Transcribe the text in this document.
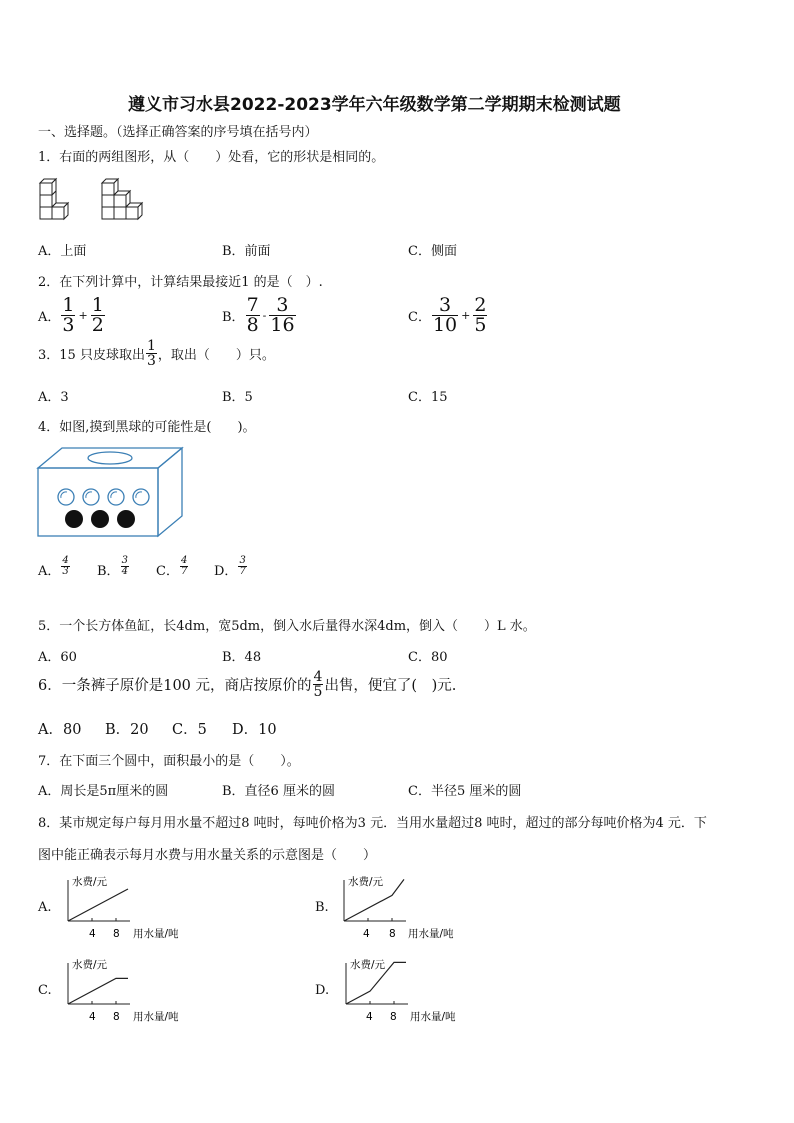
遵义市习水县2022-2023学年六年级数学第二学期期末检测试题
一、选择题。（选择正确答案的序号填在括号内）
1．右面的两组图形，从（　　）处看，它的形状是相同的。
A．上面	B．前面	C．侧面
2．在下列计算中，计算结果最接近1 的是（　）.
A． $\frac{1}{3} + \frac{1}{2}$	B． $\frac{7}{8} - \frac{3}{16}$	C． $\frac{3}{10} + \frac{2}{5}$
3．15 只皮球取出 $\frac{1}{3}$ ，取出（　　）只。
A．3	B．5	C．15
4．如图,摸到黑球的可能性是(　　)。
A． $\frac{4}{3}$ B． $\frac{3}{4}$ C． $\frac{4}{7}$ D． $\frac{3}{7}$
5．一个长方体鱼缸，长4dm，宽5dm，倒入水后量得水深4dm，倒入（　　）L 水。
A．60	B．48	C．80
6．一条裤子原价是100 元，商店按原价的 $\frac{4}{5}$ 出售，便宜了(　)元.
A．80 B．20 C．5 D．10
7．在下面三个圆中，面积最小的是（　　）。
A．周长是5π厘米的圆	B．直径6 厘米的圆	C．半径5 厘米的圆
8．某市规定每户每月用水量不超过8 吨时，每吨价格为3 元．当用水量超过8 吨时，超过的部分每吨价格为4 元．下
图中能正确表示每月水费与用水量关系的示意图是（　　）
A.	B.
C.	D.
水费/元
4 8 用水量/吨
水费/元
4 8 用水量/吨
水费/元
4 8 用水量/吨
水费/元
4 8 用水量/吨
